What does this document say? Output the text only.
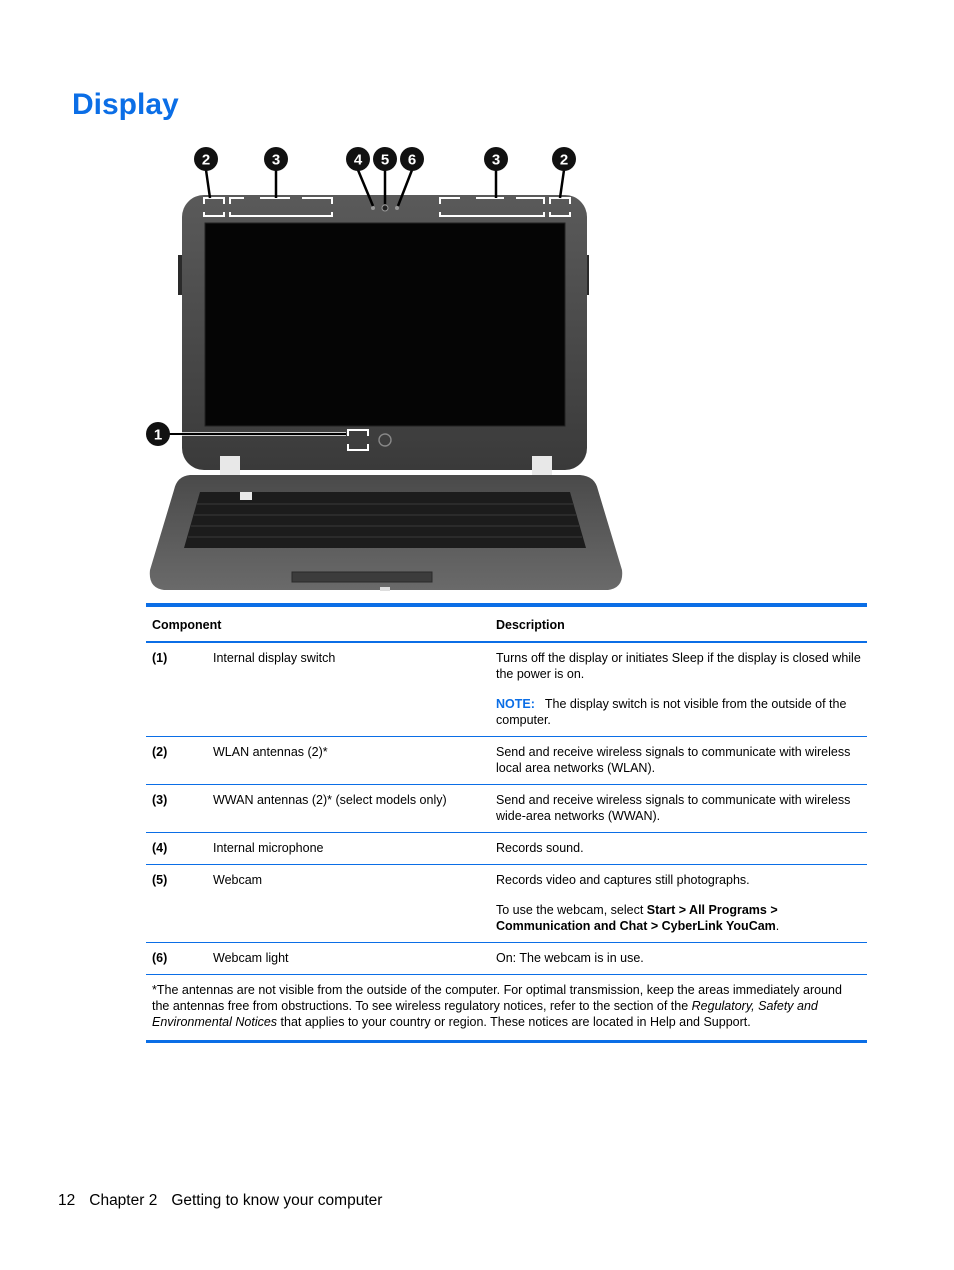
Display
2	3	4 5 6	3	2
1
Component		Description
(1)	Internal display switch	Turns off the display or initiates Sleep if the display is closed while the power is on.

NOTE: The display switch is not visible from the outside of the computer.

(2)	WLAN antennas (2)*	Send and receive wireless signals to communicate with wireless local area networks (WLAN).
(3)	WWAN antennas (2)* (select models only)	Send and receive wireless signals to communicate with wireless wide-area networks (WWAN).
(4)	Internal microphone	Records sound.
(5)	Webcam	Records video and captures still photographs.

To use the webcam, select Start > All Programs > Communication and Chat > CyberLink YouCam.

(6)	Webcam light	On: The webcam is in use.
*The antennas are not visible from the outside of the computer. For optimal transmission, keep the areas immediately around the antennas free from obstructions. To see wireless regulatory notices, refer to the section of the Regulatory, Safety and Environmental Notices that applies to your country or region. These notices are located in Help and Support.		
12 Chapter 2 Getting to know your computer
